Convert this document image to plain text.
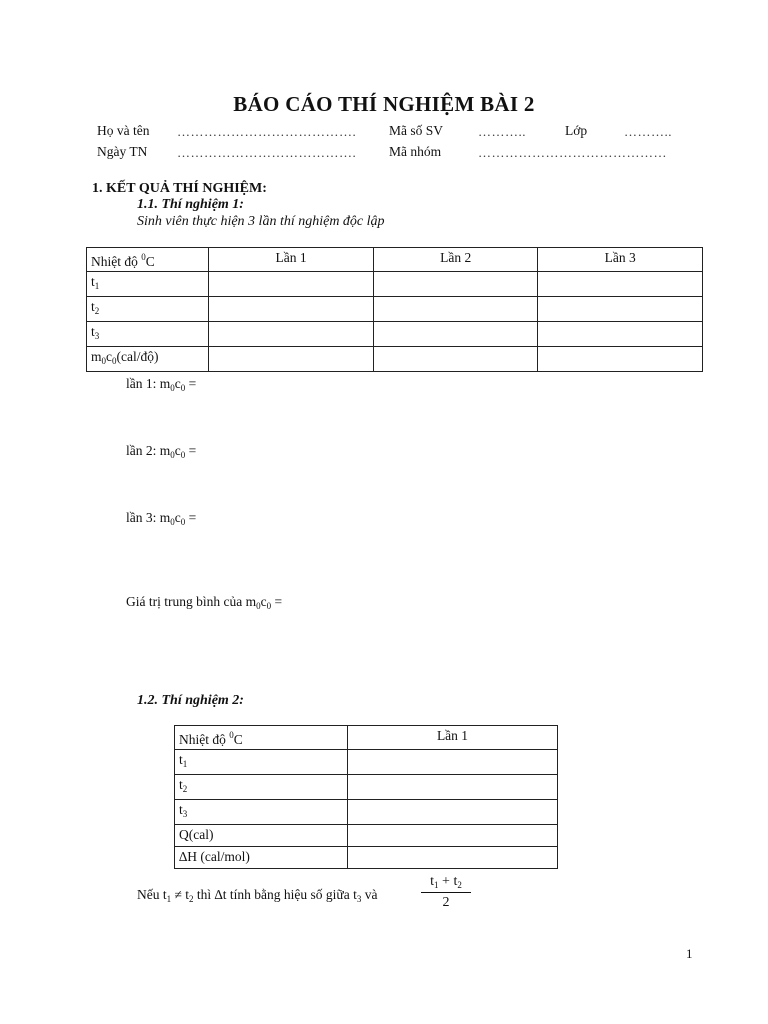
BÁO CÁO THÍ NGHIỆM BÀI 2
Họ và tên …………………………………. Mã số SV	………..	Lớp	………..
Ngày TN …………………………………. Mã nhóm	……………………………………
1. KẾT QUẢ THÍ NGHIỆM:
1.1. Thí nghiệm 1:
Sinh viên thực hiện 3 lần thí nghiệm độc lập
Nhiệt độ $^0$C	Lần 1	Lần 2	Lần 3
$t_1$			
$t_2$			
$t_3$			
$m_0c_0(cal/độ)$			
lần 1: $m_0c_0$ =
lần 2: $m_0c_0$ =
lần 3: $m_0c_0$ =
Giá trị trung bình của $m_0c_0$ =
1.2. Thí nghiệm 2:
Nhiệt độ $^0$C	Lần 1
$t_1$	
$t_2$	
$t_3$	
Q(cal)	
∆H (cal/mol)	
Nếu $t_1 \ne t_2$ thì ∆t tính bằng hiệu số giữa $t_3$ và	$\frac{t_1 + t_2}{2}$
1
